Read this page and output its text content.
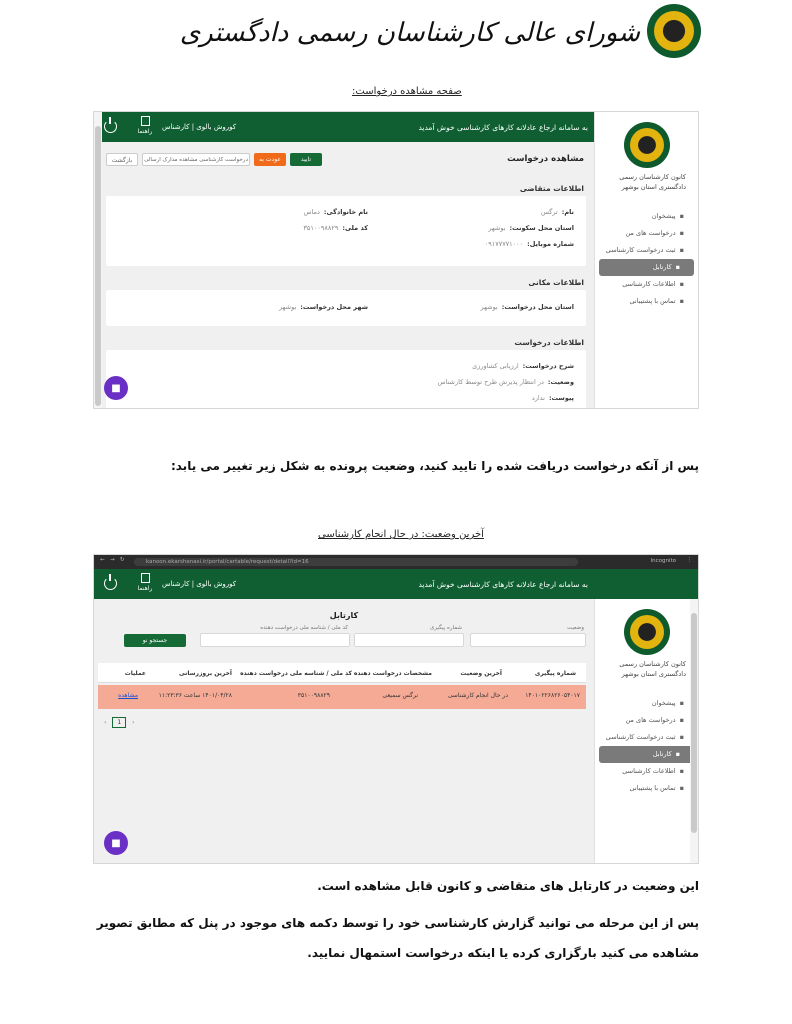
شورای عالی کارشناسان رسمی دادگستری
صفحه مشاهده درخواست:
به سامانه ارجاع عادلانه کارهای کارشناسی خوش آمدید
کوروش بالوی | کارشناس
راهنما
کانون کارشناسان رسمی دادگستری استان بوشهر
▪ پیشخوان
▪ درخواست های من
▪ ثبت درخواست کارشناسی
▪ کارتابل
▪ اطلاعات کارشناسی
▪ تماس با پشتیبانی
مشاهده درخواست
تایید
عودت به
درخواست کارشناسی مشاهده مدارک ارسالی
بازگشت
اطلاعات متقاضی
نام:ترگس
نام خانوادگی:دماس
استان محل سکونت:بوشهر
کد ملی:۳۵۱۰۰۹۸۸۲۹
شماره موبایل:۰۹۱۷۷۷۷۱۰۰۰
اطلاعات مکانی
استان محل درخواست:بوشهر
شهر محل درخواست:بوشهر
اطلاعات درخواست
شرح درخواست:ارزیابی کشاورزی
وضعیت:در انتظار پذیرش طرح توسط کارشناس
پیوست:ندارد
■
پس از آنکه درخواست دریافت شده را تایید کنید، وضعیت پرونده به شکل زیر تغییر می یابد:
آخرین وضعیت: در حال انجام کارشناسی
← → ↻	kanoon.ekarshenasi.ir/portal/cartable/request/detail?id=16	Incognito ⋮
به سامانه ارجاع عادلانه کارهای کارشناسی خوش آمدید
کوروش بالوی | کارشناس
راهنما
کانون کارشناسان رسمی دادگستری استان بوشهر
▪ پیشخوان
▪ درخواست های من
▪ ثبت درخواست کارشناسی
▪ کارتابل
▪ اطلاعات کارشناسی
▪ تماس با پشتیبانی
کارتابل
وضعیت
شماره پیگیری
کد ملی / شناسه ملی درخواست دهنده
جستجو نو
شماره پیگیری
آخرین وضعیت
مشخصات درخواست دهنده
کد ملی / شناسه ملی درخواست دهنده
آخرین بروزرسانی
عملیات
۱۴۰۱۰۲۲۶۸۲۶۰۵۴۰۱۷
در حال انجام کارشناسی
نرگس سمیعی
۳۵۱۰۰۹۸۸۲۹
۱۴۰۱/۰۴/۲۸ ساعت ۱۱:۲۳:۳۶
مشاهده
‹ 1 ›
■
این وضعیت در کارتابل های متقاضی و کانون قابل مشاهده است.
پس از این مرحله می توانید گزارش کارشناسی خود را توسط دکمه های موجود در پنل که مطابق تصویر مشاهده می کنید بارگزاری کرده یا اینکه درخواست استمهال نمایید.
